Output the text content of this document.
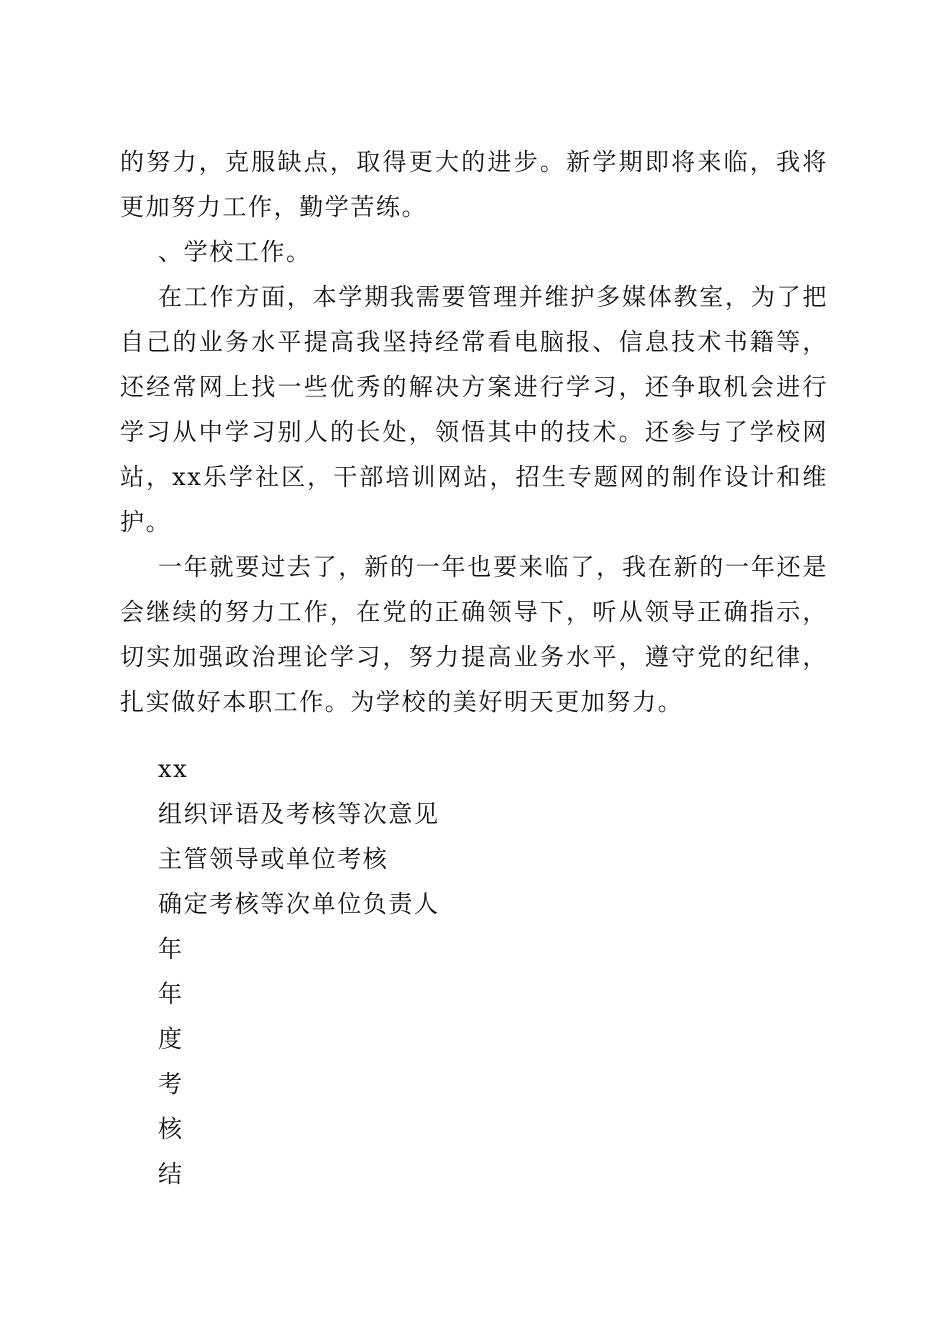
的努力，克服缺点，取得更大的进步。新学期即将来临，我将更加努力工作，勤学苦练。

、学校工作。

在工作方面，本学期我需要管理并维护多媒体教室，为了把自己的业务水平提高我坚持经常看电脑报、信息技术书籍等，还经常网上找一些优秀的解决方案进行学习，还争取机会进行学习从中学习别人的长处，领悟其中的技术。还参与了学校网站，xx乐学社区，干部培训网站，招生专题网的制作设计和维护。

一年就要过去了，新的一年也要来临了，我在新的一年还是会继续的努力工作，在党的正确领导下，听从领导正确指示，切实加强政治理论学习，努力提高业务水平，遵守党的纪律，扎实做好本职工作。为学校的美好明天更加努力。

xx

组织评语及考核等次意见

主管领导或单位考核

确定考核等次单位负责人

年

年

度

考

核

结
